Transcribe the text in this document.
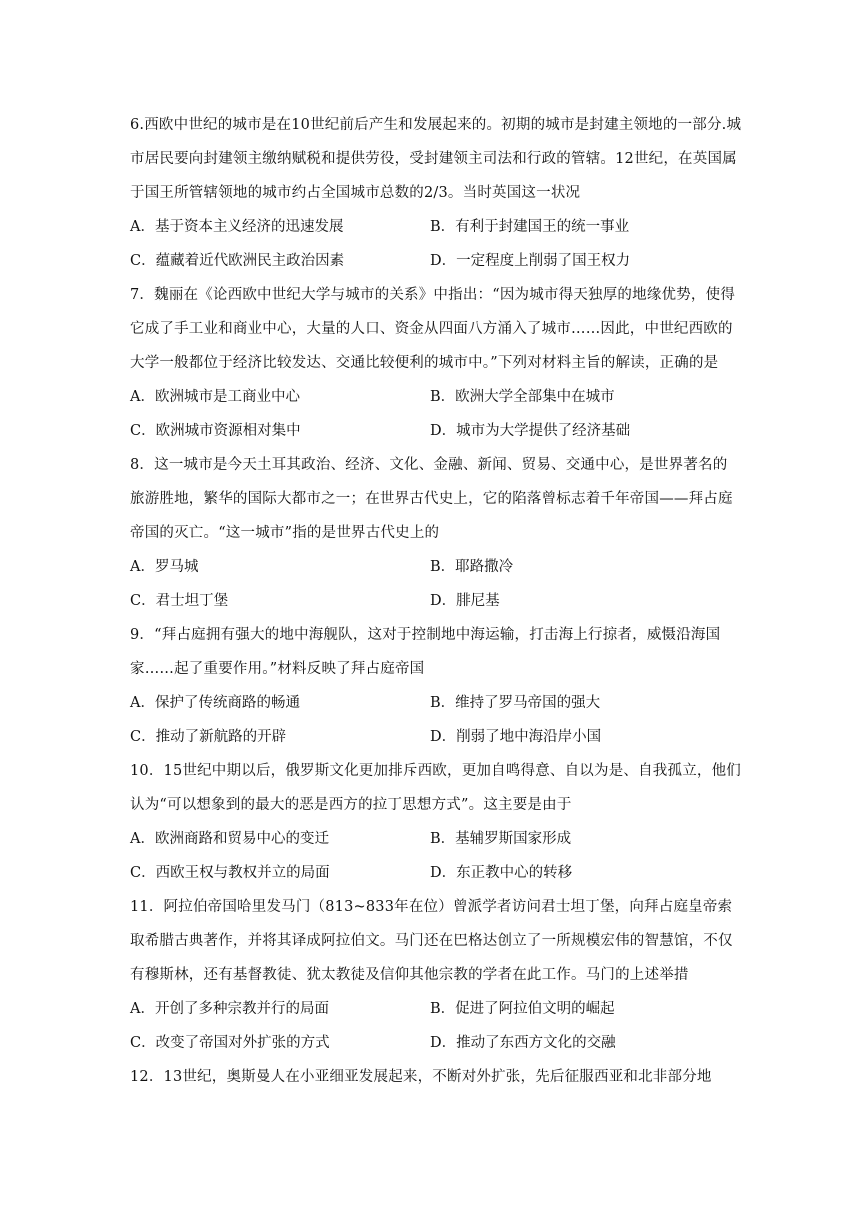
6.西欧中世纪的城市是在10世纪前后产生和发展起来的。初期的城市是封建主领地的一部分.城市居民要向封建领主缴纳赋税和提供劳役，受封建领主司法和行政的管辖。12世纪，在英国属于国王所管辖领地的城市约占全国城市总数的2/3。当时英国这一状况

A．基于资本主义经济的迅速发展	B．有利于封建国王的统一事业
C．蕴藏着近代欧洲民主政治因素	D．一定程度上削弱了国王权力

7．魏丽在《论西欧中世纪大学与城市的关系》中指出：“因为城市得天独厚的地缘优势，使得它成了手工业和商业中心，大量的人口、资金从四面八方涌入了城市……因此，中世纪西欧的大学一般都位于经济比较发达、交通比较便利的城市中。”下列对材料主旨的解读，正确的是

A．欧洲城市是工商业中心	B．欧洲大学全部集中在城市
C．欧洲城市资源相对集中	D．城市为大学提供了经济基础

8．这一城市是今天土耳其政治、经济、文化、金融、新闻、贸易、交通中心，是世界著名的旅游胜地，繁华的国际大都市之一；在世界古代史上，它的陷落曾标志着千年帝国——拜占庭帝国的灭亡。“这一城市”指的是世界古代史上的

A．罗马城	B．耶路撒冷
C．君士坦丁堡	D．腓尼基

9．“拜占庭拥有强大的地中海舰队，这对于控制地中海运输，打击海上行掠者，威慑沿海国家……起了重要作用。”材料反映了拜占庭帝国

A．保护了传统商路的畅通	B．维持了罗马帝国的强大
C．推动了新航路的开辟	D．削弱了地中海沿岸小国

10．15世纪中期以后，俄罗斯文化更加排斥西欧，更加自鸣得意、自以为是、自我孤立，他们认为“可以想象到的最大的恶是西方的拉丁思想方式”。这主要是由于

A．欧洲商路和贸易中心的变迁	B．基辅罗斯国家形成
C．西欧王权与教权并立的局面	D．东正教中心的转移

11．阿拉伯帝国哈里发马门（813~833年在位）曾派学者访问君士坦丁堡，向拜占庭皇帝索取希腊古典著作，并将其译成阿拉伯文。马门还在巴格达创立了一所规模宏伟的智慧馆，不仅有穆斯林，还有基督教徒、犹太教徒及信仰其他宗教的学者在此工作。马门的上述举措

A．开创了多种宗教并行的局面	B．促进了阿拉伯文明的崛起
C．改变了帝国对外扩张的方式	D．推动了东西方文化的交融

12．13世纪，奥斯曼人在小亚细亚发展起来，不断对外扩张，先后征服西亚和北非部分地
